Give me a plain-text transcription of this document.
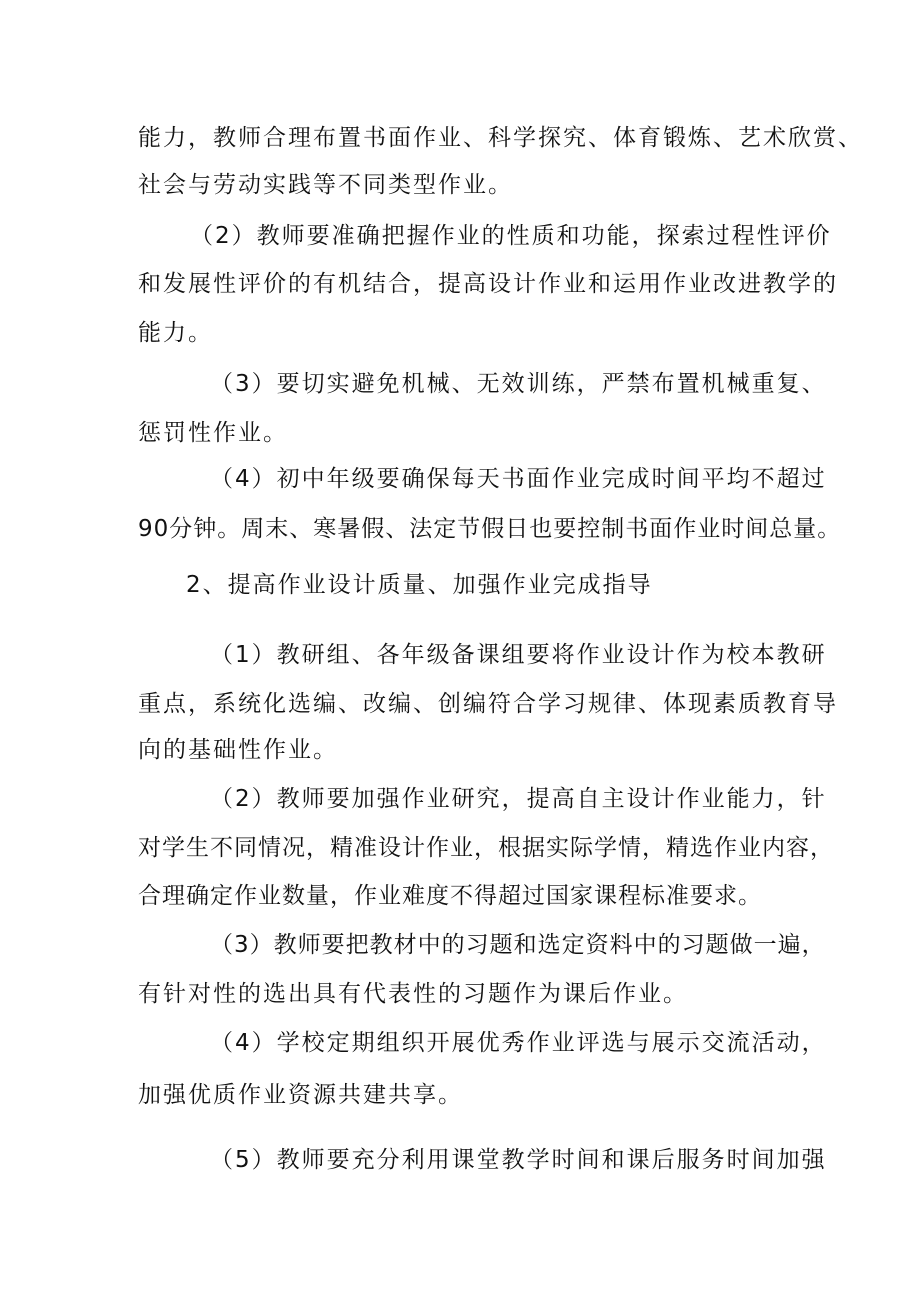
能力，教师合理布置书面作业、科学探究、体育锻炼、艺术欣赏、
社会与劳动实践等不同类型作业。
（2）教师要准确把握作业的性质和功能，探索过程性评价
和发展性评价的有机结合，提高设计作业和运用作业改进教学的
能力。
（3）要切实避免机械、无效训练，严禁布置机械重复、
惩罚性作业。
（4）初中年级要确保每天书面作业完成时间平均不超过
90分钟。周末、寒暑假、法定节假日也要控制书面作业时间总量。
2、提高作业设计质量、加强作业完成指导
（1）教研组、各年级备课组要将作业设计作为校本教研
重点，系统化选编、改编、创编符合学习规律、体现素质教育导
向的基础性作业。
（2）教师要加强作业研究，提高自主设计作业能力，针
对学生不同情况，精准设计作业，根据实际学情，精选作业内容，
合理确定作业数量，作业难度不得超过国家课程标准要求。
（3）教师要把教材中的习题和选定资料中的习题做一遍，
有针对性的选出具有代表性的习题作为课后作业。
（4）学校定期组织开展优秀作业评选与展示交流活动，
加强优质作业资源共建共享。
（5）教师要充分利用课堂教学时间和课后服务时间加强
